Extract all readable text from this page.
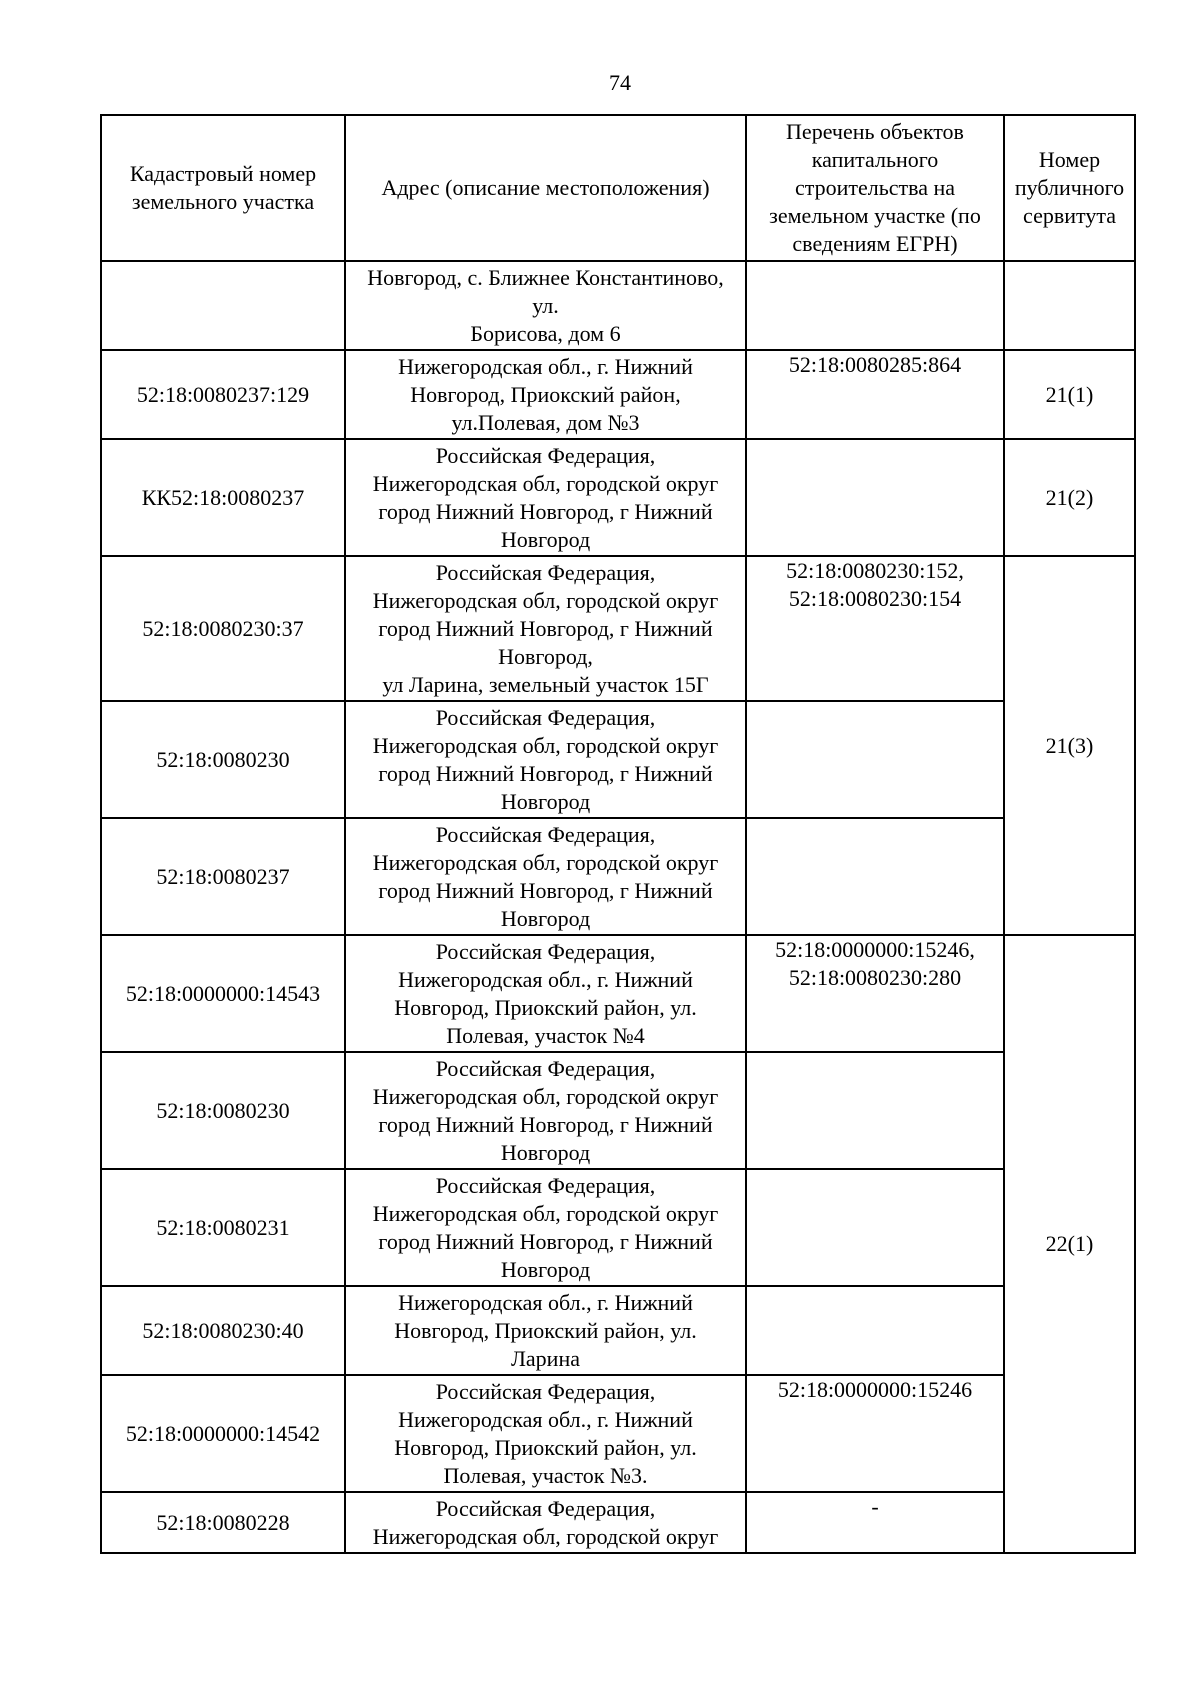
74
Кадастровый номер
земельного участка	Адрес (описание местоположения)	Перечень объектов
капитального
строительства на
земельном участке (по
сведениям ЕГРН)	Номер
публичного
сервитута

	Новгород, с. Ближнее Константиново,
ул.
Борисова, дом 6		

52:18:0080237:129	Нижегородская обл., г. Нижний
Новгород, Приокский район,
ул.Полевая, дом №3	52:18:0080285:864	21(1)

КК52:18:0080237	Российская Федерация,
Нижегородская обл, городской округ
город Нижний Новгород, г Нижний
Новгород		21(2)

52:18:0080230:37	Российская Федерация,
Нижегородская обл, городской округ
город Нижний Новгород, г Нижний
Новгород,
ул Ларина, земельный участок 15Г	52:18:0080230:152,
52:18:0080230:154	21(3)

52:18:0080230	Российская Федерация,
Нижегородская обл, городской округ
город Нижний Новгород, г Нижний
Новгород		

52:18:0080237	Российская Федерация,
Нижегородская обл, городской округ
город Нижний Новгород, г Нижний
Новгород		

52:18:0000000:14543	Российская Федерация,
Нижегородская обл., г. Нижний
Новгород, Приокский район, ул.
Полевая, участок №4	52:18:0000000:15246,
52:18:0080230:280	22(1)

52:18:0080230	Российская Федерация,
Нижегородская обл, городской округ
город Нижний Новгород, г Нижний
Новгород		

52:18:0080231	Российская Федерация,
Нижегородская обл, городской округ
город Нижний Новгород, г Нижний
Новгород		

52:18:0080230:40	Нижегородская обл., г. Нижний
Новгород, Приокский район, ул.
Ларина		

52:18:0000000:14542	Российская Федерация,
Нижегородская обл., г. Нижний
Новгород, Приокский район, ул.
Полевая, участок №3.	52:18:0000000:15246	

52:18:0080228	Российская Федерация,
Нижегородская обл, городской округ	-	
